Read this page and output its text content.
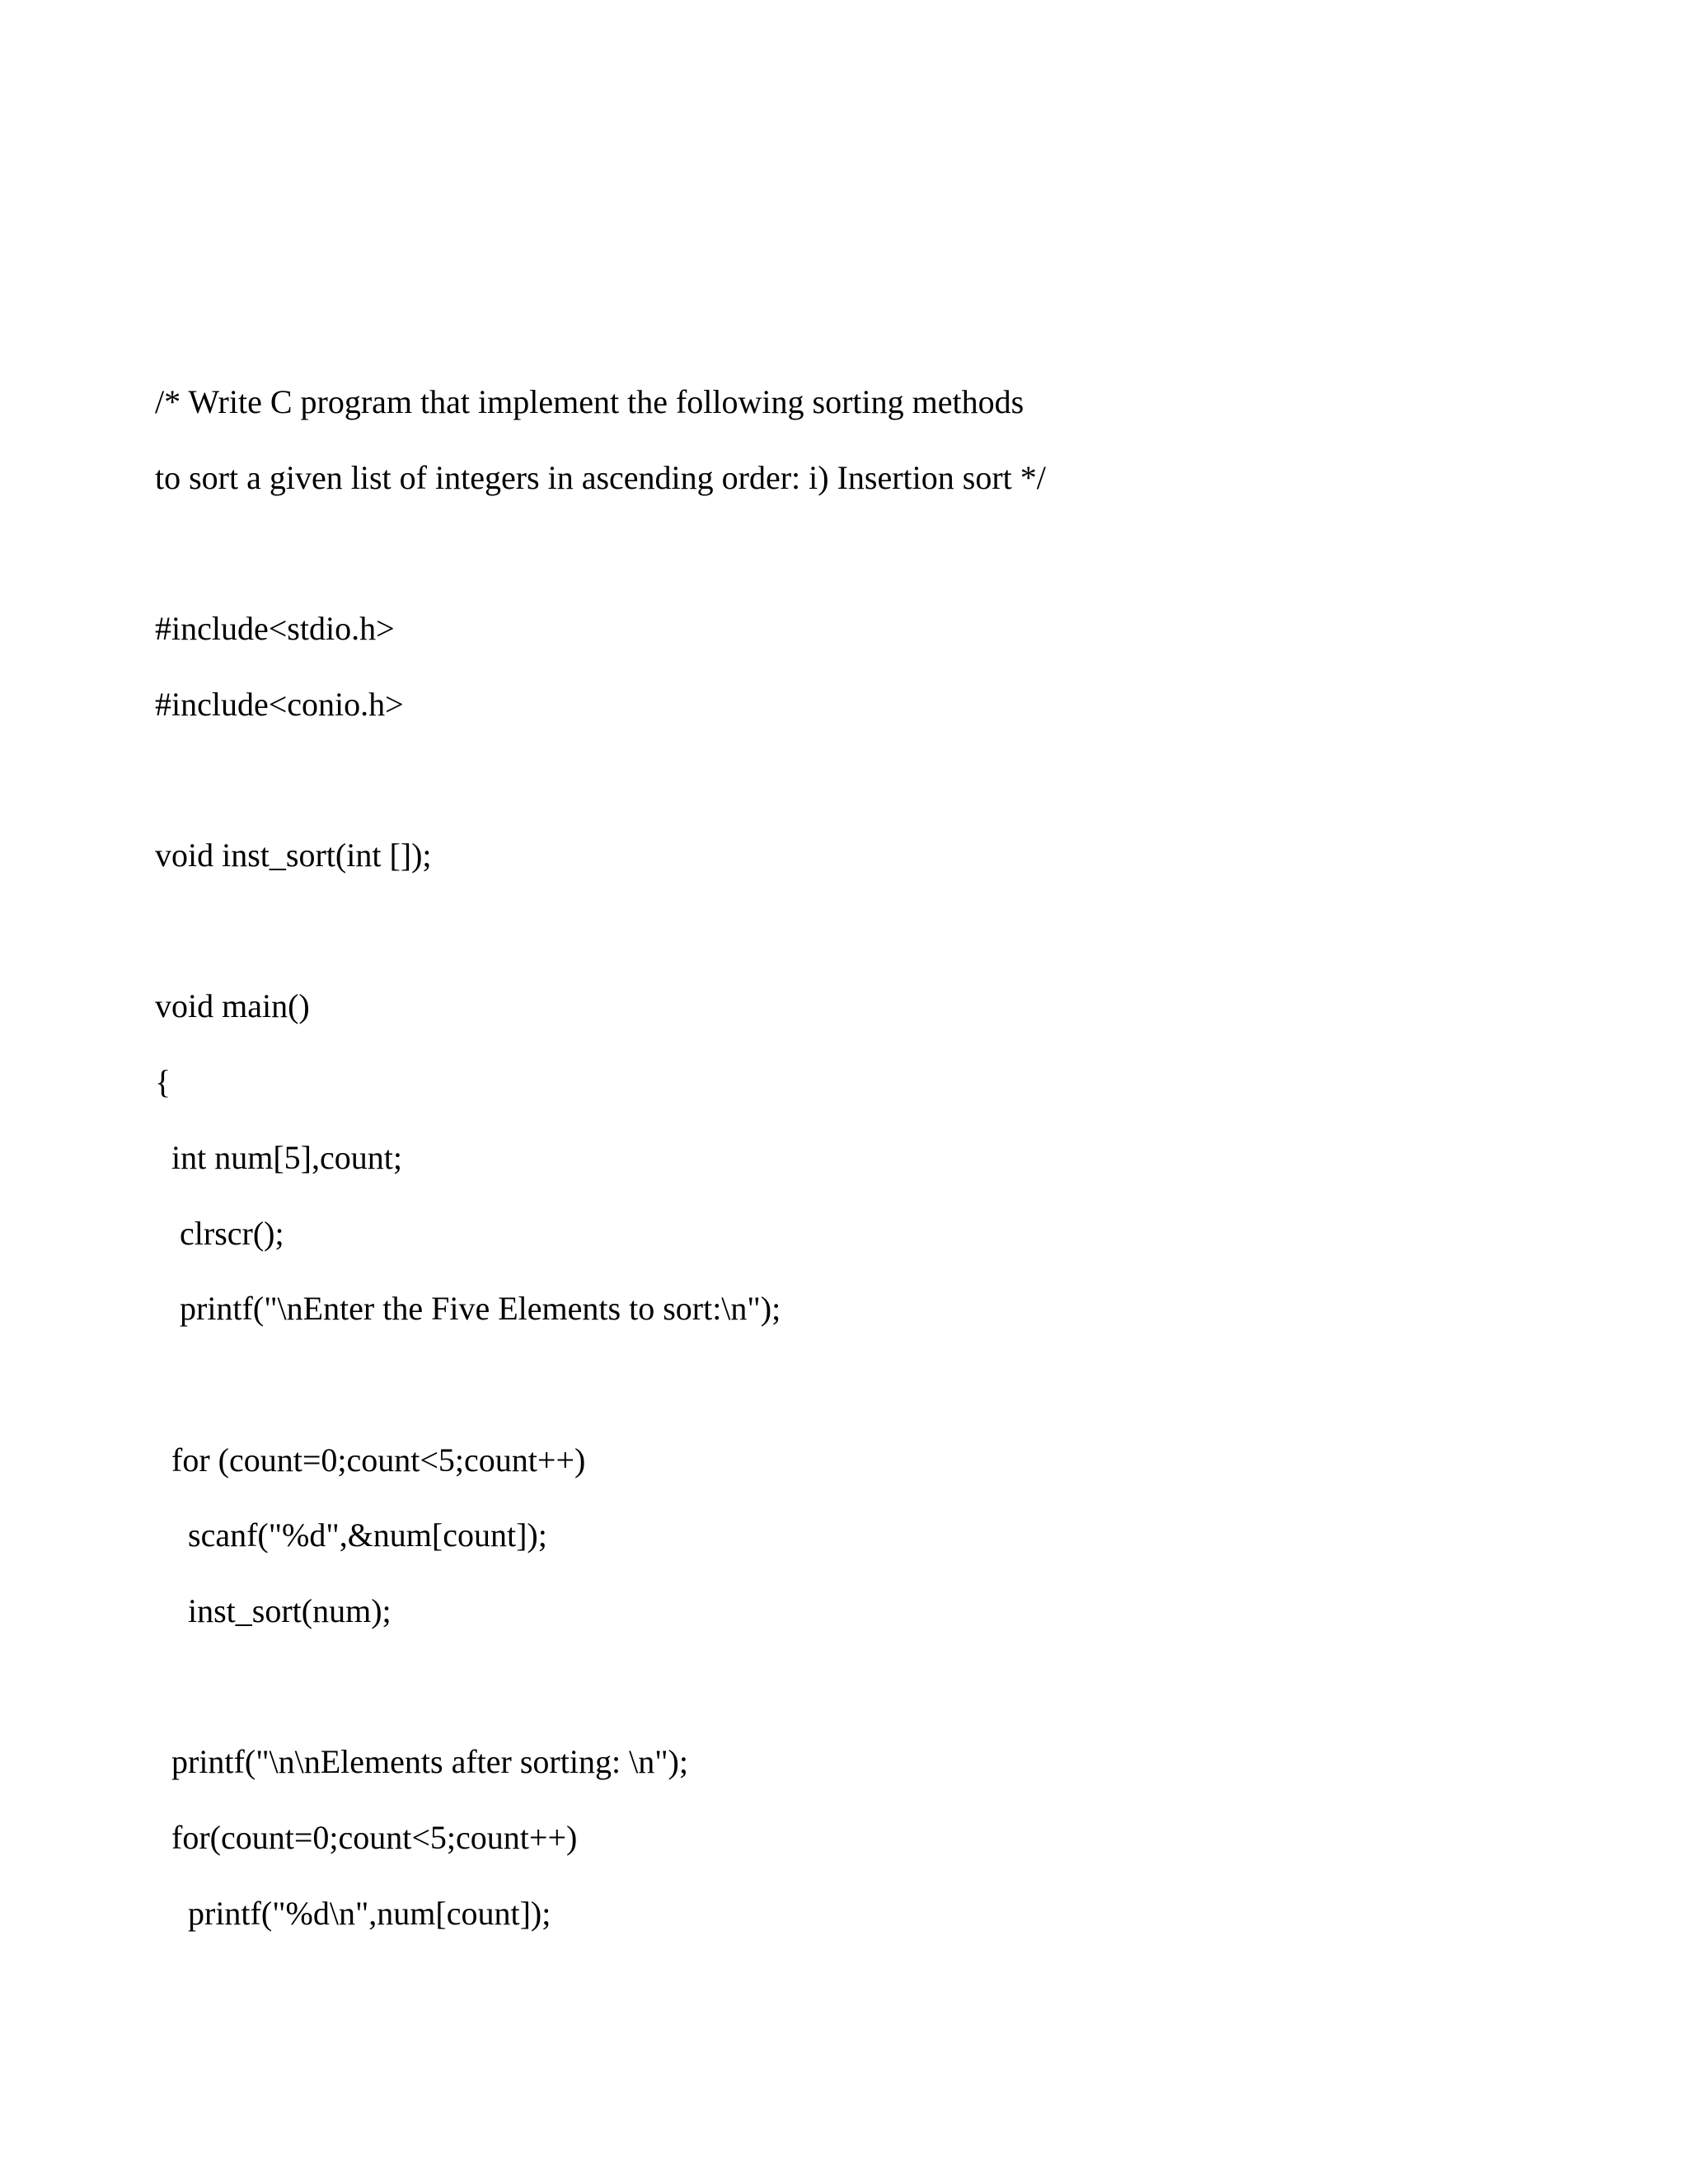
/* Write C program that implement the following sorting methods

to sort a given list of integers in ascending order: i) Insertion sort */

#include<stdio.h>

#include<conio.h>

void inst_sort(int []);

void main()

{

int num[5],count;

clrscr();

printf("\nEnter the Five Elements to sort:\n");

for (count=0;count<5;count++)

scanf("%d",&num[count]);

inst_sort(num);

printf("\n\nElements after sorting: \n");

for(count=0;count<5;count++)

printf("%d\n",num[count]);
